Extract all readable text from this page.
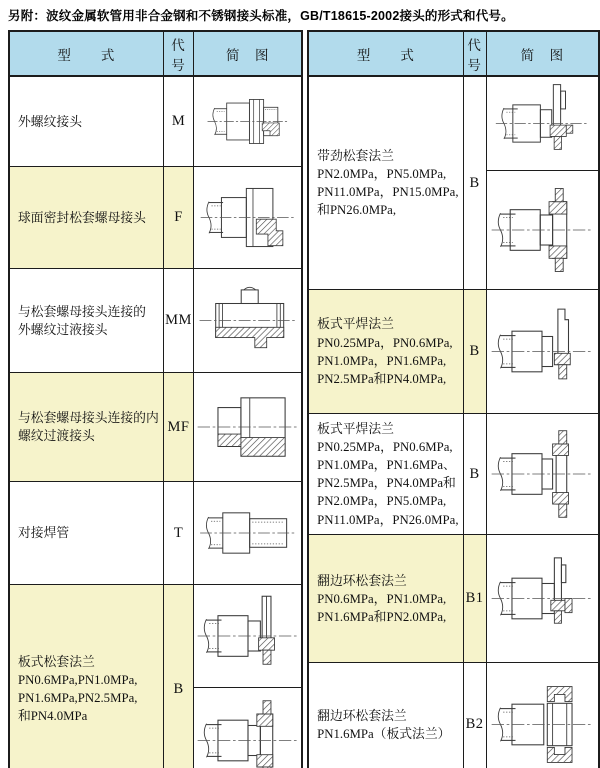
另附：波纹金属软管用非合金钢和不锈钢接头标准，GB/T18615-2002接头的形式和代号。
型　　式	代号	简　图

外螺纹接头	M	

球面密封松套螺母接头	F	

与松套螺母接头连接的
外螺纹过液接头	MM	

与松套螺母接头连接的内
螺纹过渡接头	MF	

对接焊管	T	

板式松套法兰
PN0.6MPa,PN1.0MPa,
PN1.6MPa,PN2.5MPa,
和PN4.0MPa	B	

型　　式	代号	简　图

带劲松套法兰
PN2.0MPa，PN5.0MPa,
PN11.0MPa，PN15.0MPa,
和PN26.0MPa,	B	

板式平焊法兰
PN0.25MPa，PN0.6MPa,
PN1.0MPa，PN1.6MPa,
PN2.5MPa和PN4.0MPa,	B	

板式平焊法兰
PN0.25MPa，PN0.6MPa,
PN1.0MPa，PN1.6MPa、
PN2.5MPa，PN4.0MPa和
PN2.0MPa，PN5.0MPa,
PN11.0MPa，PN26.0MPa,
	B	

翻边环松套法兰
PN0.6MPa，PN1.0MPa,
PN1.6MPa和PN2.0MPa,	B1	

翻边环松套法兰
PN1.6MPa（板式法兰）	B2	
